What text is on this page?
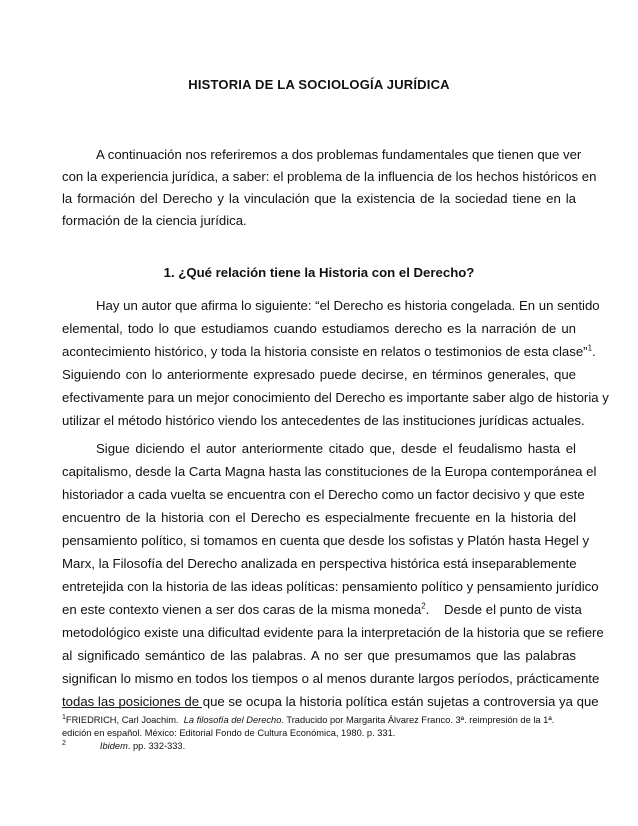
HISTORIA DE LA SOCIOLOGÍA JURÍDICA
A continuación nos referiremos a dos problemas fundamentales que tienen que ver
con la experiencia jurídica, a saber: el problema de la influencia de los hechos históricos en
la formación del Derecho y la vinculación que la existencia de la sociedad tiene en la
formación de la ciencia jurídica.
1. ¿Qué relación tiene la Historia con el Derecho?
Hay un autor que afirma lo siguiente: “el Derecho es historia congelada. En un sentido
elemental, todo lo que estudiamos cuando estudiamos derecho es la narración de un
acontecimiento histórico, y toda la historia consiste en relatos o testimonios de esta clase”$^1$.
Siguiendo con lo anteriormente expresado puede decirse, en términos generales, que
efectivamente para un mejor conocimiento del Derecho es importante saber algo de historia y
utilizar el método histórico viendo los antecedentes de las instituciones jurídicas actuales.
Sigue diciendo el autor anteriormente citado que, desde el feudalismo hasta el
capitalismo, desde la Carta Magna hasta las constituciones de la Europa contemporánea el
historiador a cada vuelta se encuentra con el Derecho como un factor decisivo y que este
encuentro de la historia con el Derecho es especialmente frecuente en la historia del
pensamiento político, si tomamos en cuenta que desde los sofistas y Platón hasta Hegel y
Marx, la Filosofía del Derecho analizada en perspectiva histórica está inseparablemente
entretejida con la historia de las ideas políticas: pensamiento político y pensamiento jurídico
en este contexto vienen a ser dos caras de la misma moneda$^2$.    Desde el punto de vista
metodológico existe una dificultad evidente para la interpretación de la historia que se refiere
al significado semántico de las palabras. A no ser que presumamos que las palabras
significan lo mismo en todos los tiempos o al menos durante largos períodos, prácticamente
todas las posiciones de que se ocupa la historia política están sujetas a controversia ya que
$^1$FRIEDRICH, Carl Joachim.  La filosofía del Derecho. Traducido por Margarita Álvarez Franco. 3ª. reimpresión de la 1ª.
edición en español. México: Editorial Fondo de Cultura Económica, 1980. p. 331.
$^2$	Ibidem. pp. 332-333.
